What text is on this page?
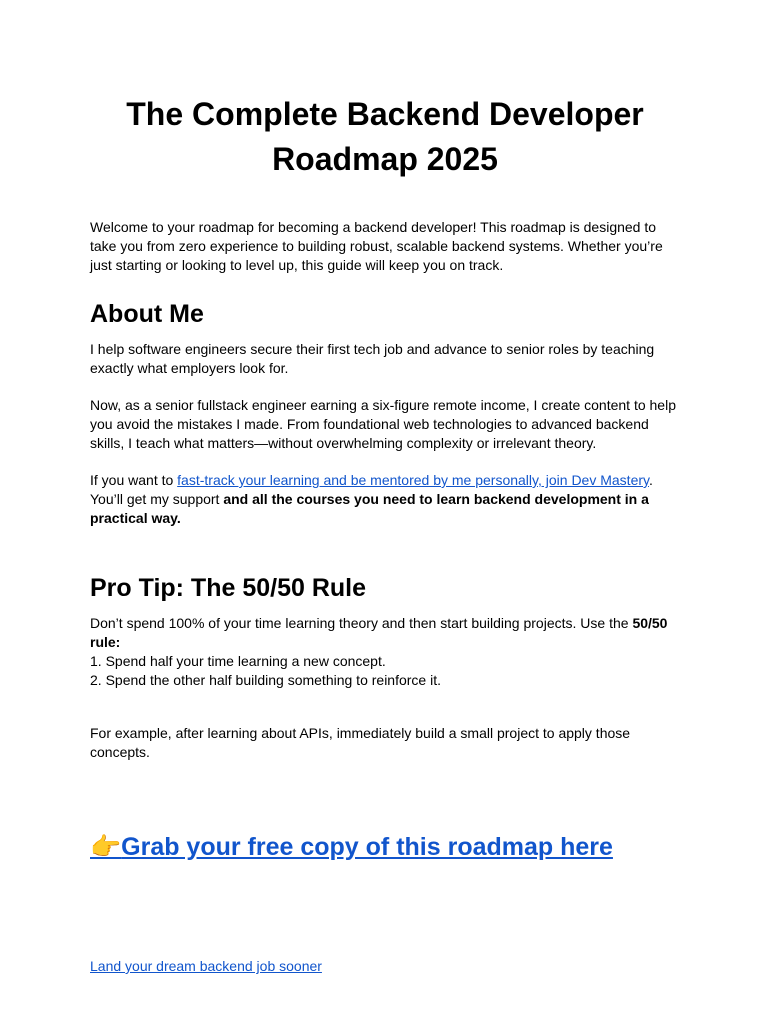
The Complete Backend Developer
Roadmap 2025

Welcome to your roadmap for becoming a backend developer! This roadmap is designed to take you from zero experience to building robust, scalable backend systems. Whether you’re just starting or looking to level up, this guide will keep you on track.

About Me

I help software engineers secure their first tech job and advance to senior roles by teaching exactly what employers look for.

Now, as a senior fullstack engineer earning a six-figure remote income, I create content to help you avoid the mistakes I made. From foundational web technologies to advanced backend skills, I teach what matters—without overwhelming complexity or irrelevant theory.

If you want to fast-track your learning and be mentored by me personally, join Dev Mastery. You’ll get my support and all the courses you need to learn backend development in a practical way.

Pro Tip: The 50/50 Rule

Don’t spend 100% of your time learning theory and then start building projects. Use the 50/50 rule:
1. Spend half your time learning a new concept.
2. Spend the other half building something to reinforce it.

For example, after learning about APIs, immediately build a small project to apply those concepts.

👉Grab your free copy of this roadmap here
Land your dream backend job sooner
